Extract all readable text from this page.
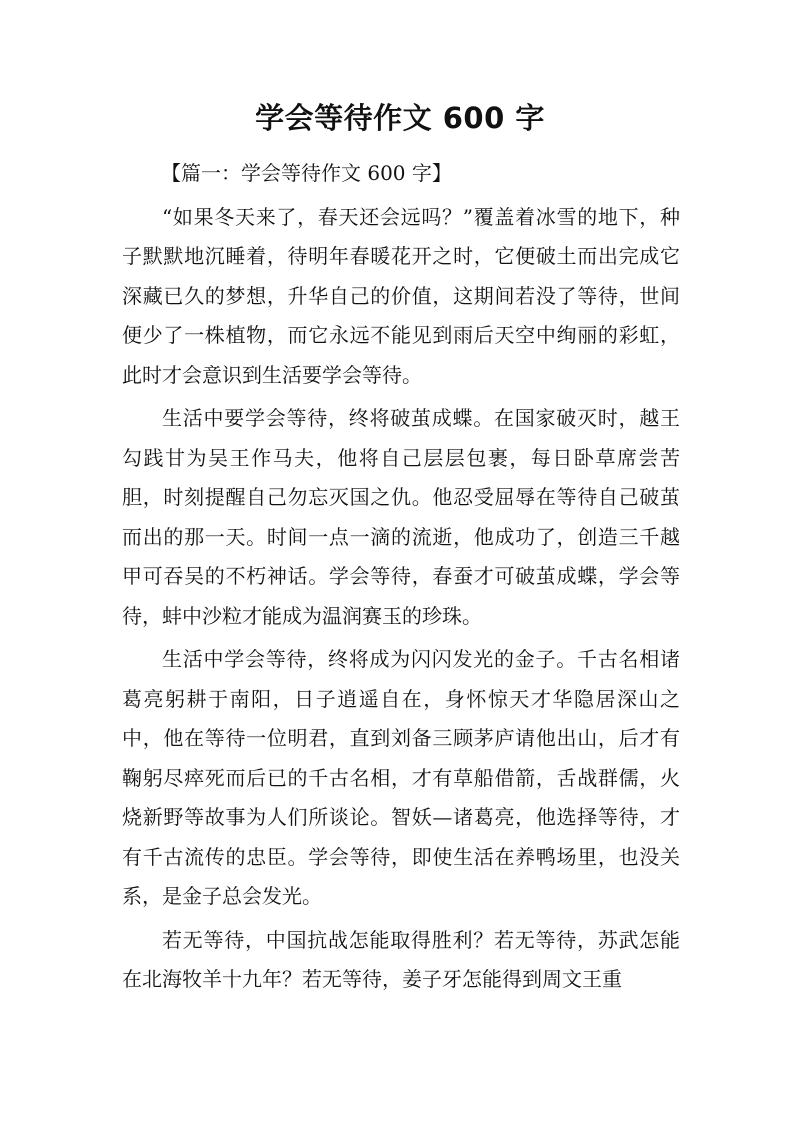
学会等待作文 600 字

【篇一：学会等待作文 600 字】

“如果冬天来了，春天还会远吗？”覆盖着冰雪的地下，种子默默地沉睡着，待明年春暖花开之时，它便破土而出完成它深藏已久的梦想，升华自己的价值，这期间若没了等待，世间便少了一株植物，而它永远不能见到雨后天空中绚丽的彩虹，此时才会意识到生活要学会等待。

生活中要学会等待，终将破茧成蝶。在国家破灭时，越王勾践甘为吴王作马夫，他将自己层层包裹，每日卧草席尝苦胆，时刻提醒自己勿忘灭国之仇。他忍受屈辱在等待自己破茧而出的那一天。时间一点一滴的流逝，他成功了，创造三千越甲可吞吴的不朽神话。学会等待，春蚕才可破茧成蝶，学会等待，蚌中沙粒才能成为温润赛玉的珍珠。

生活中学会等待，终将成为闪闪发光的金子。千古名相诸葛亮躬耕于南阳，日子逍遥自在，身怀惊天才华隐居深山之中，他在等待一位明君，直到刘备三顾茅庐请他出山，后才有鞠躬尽瘁死而后已的千古名相，才有草船借箭，舌战群儒，火烧新野等故事为人们所谈论。智妖—诸葛亮，他选择等待，才有千古流传的忠臣。学会等待，即使生活在养鸭场里，也没关系，是金子总会发光。

若无等待，中国抗战怎能取得胜利？若无等待，苏武怎能在北海牧羊十九年？若无等待，姜子牙怎能得到周文王重
